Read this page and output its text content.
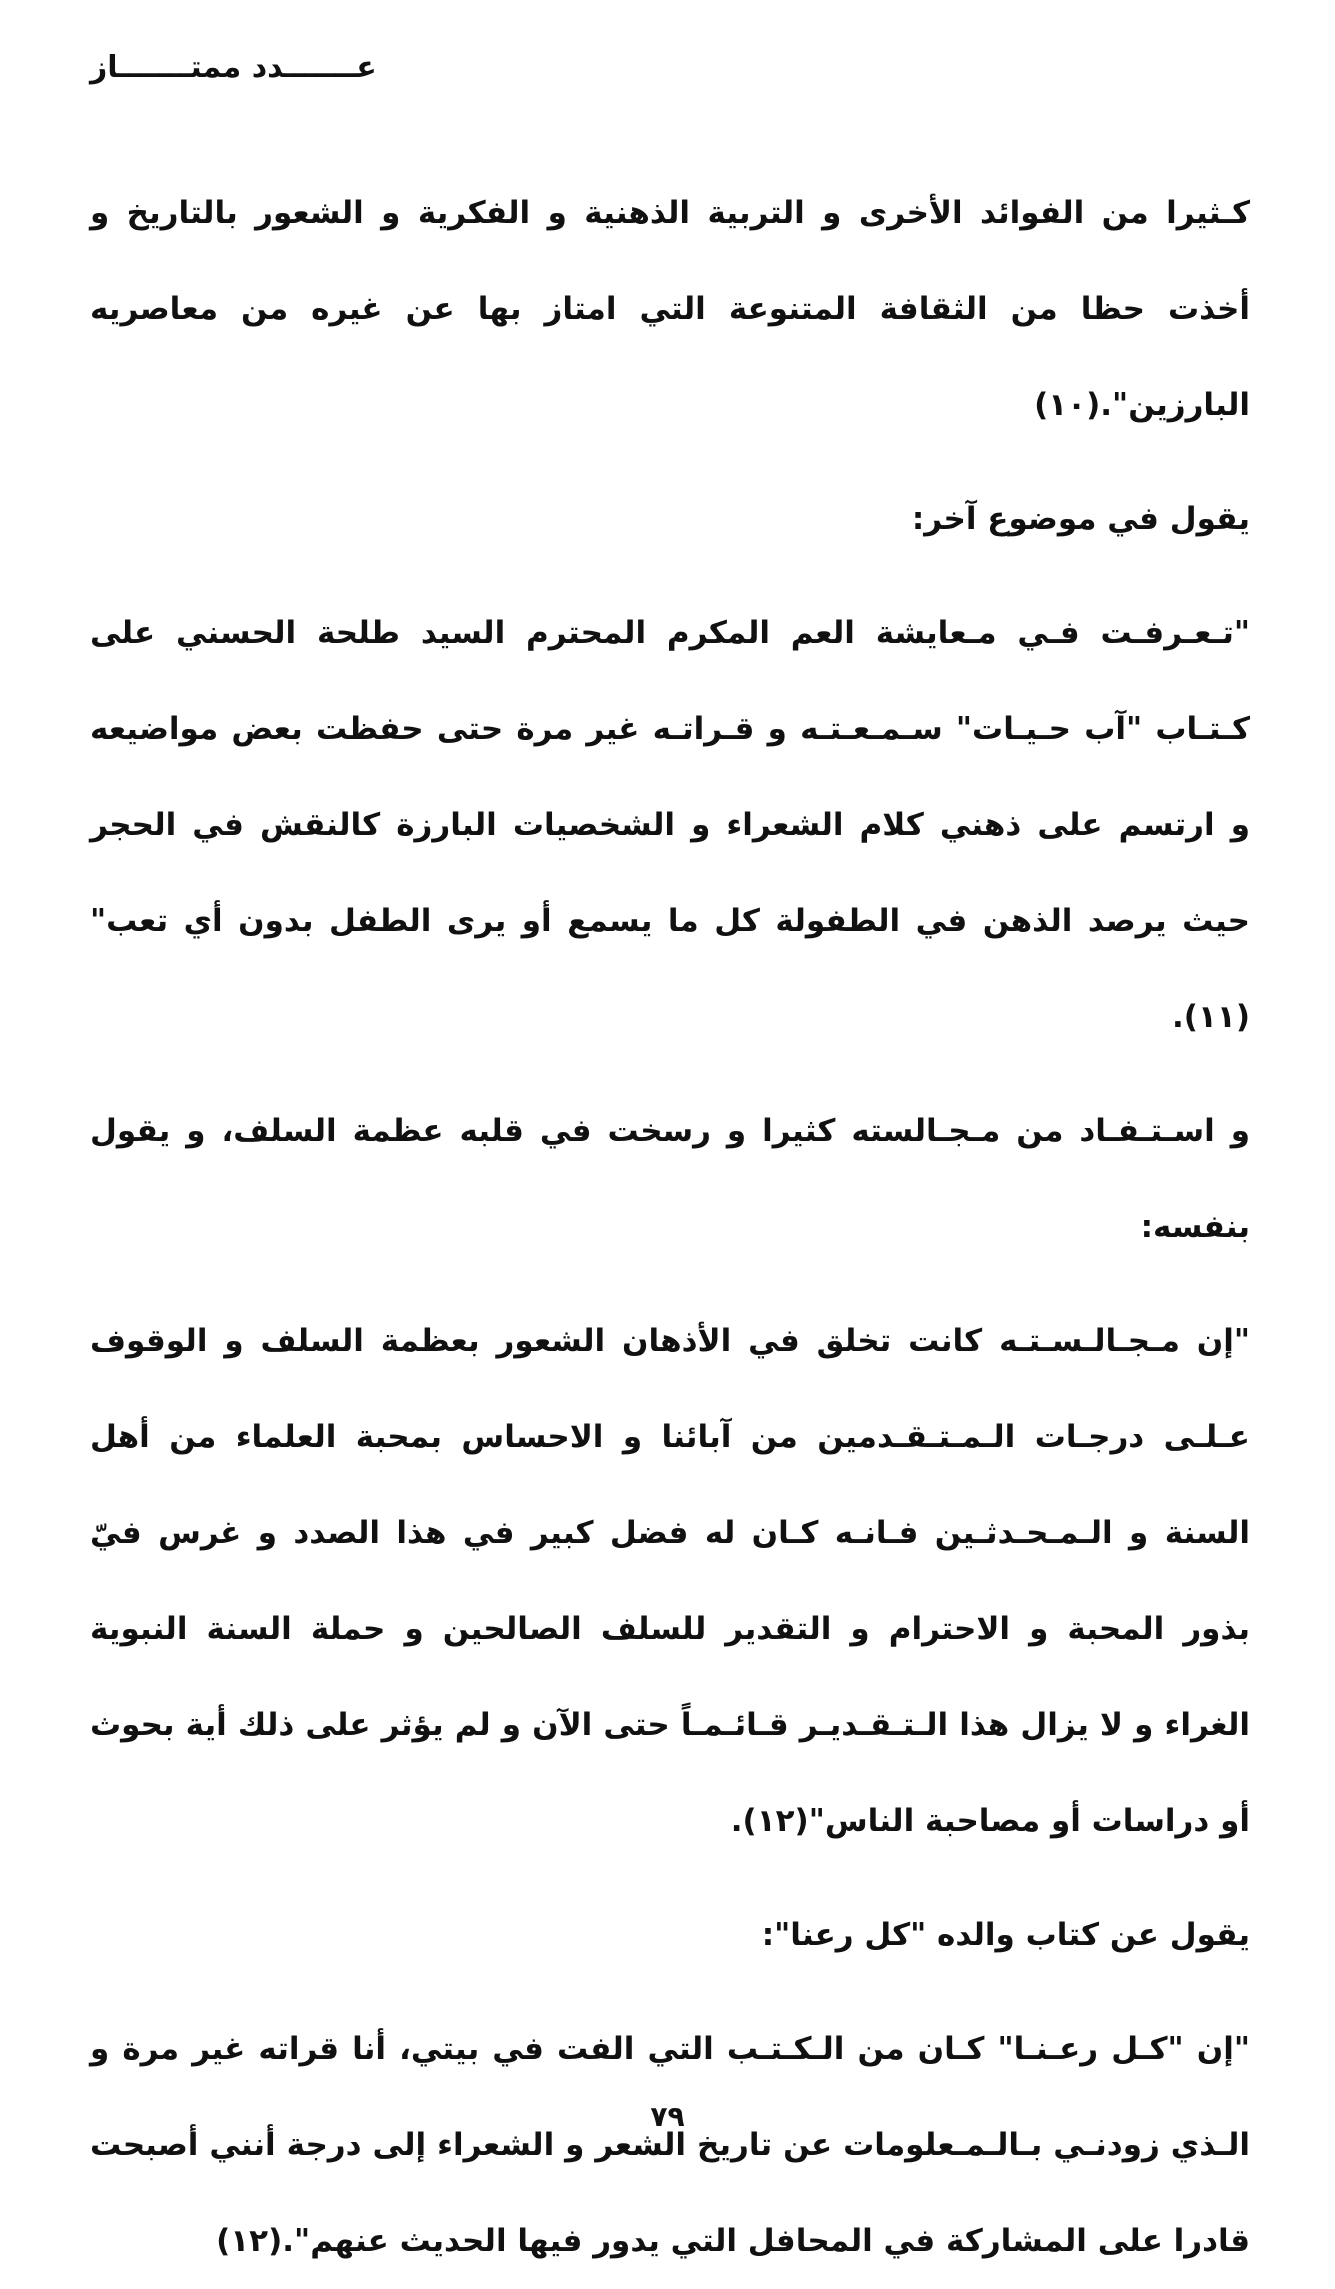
عـــــــدد ممتـــــــاز

كـثيرا من الفوائد الأخرى و التربية الذهنية و الفكرية و الشعور بالتاريخ و أخذت حظا من الثقافة المتنوعة التي امتاز بها عن غيره من معاصريه البارزين".(١٠)

يقول في موضوع آخر:

"تـعـرفـت فـي مـعايشة العم المكرم المحترم السيد طلحة الحسني على كـتـاب "آب حـيـات" سـمـعـتـه و قـراتـه غير مرة حتى حفظت بعض مواضيعه و ارتسم على ذهني كلام الشعراء و الشخصيات البارزة كالنقش في الحجر حيث يرصد الذهن في الطفولة كل ما يسمع أو يرى الطفل بدون أي تعب"(١١).

و اسـتـفـاد من مـجـالسته كثيرا و رسخت في قلبه عظمة السلف، و يقول بنفسه:

"إن مـجـالـسـتـه كانت تخلق في الأذهان الشعور بعظمة السلف و الوقوف عـلـى درجـات الـمـتـقـدمين من آبائنا و الاحساس بمحبة العلماء من أهل السنة و الـمـحـدثـين فـانـه كـان له فضل كبير في هذا الصدد و غرس فيّ بذور المحبة و الاحترام و التقدير للسلف الصالحين و حملة السنة النبوية الغراء و لا يزال هذا الـتـقـديـر قـائـمـاً حتى الآن و لم يؤثر على ذلك أية بحوث أو دراسات أو مصاحبة الناس"(١٢).

يقول عن كتاب والده "كل رعنا":

"إن "كـل رعـنـا" كـان من الـكـتـب التي الفت في بيتي، أنا قراته غير مرة و الـذي زودنـي بـالـمـعلومات عن تاريخ الشعر و الشعراء إلى درجة أنني أصبحت قادرا على المشاركة في المحافل التي يدور فيها الحديث عنهم".(١٢)

٧٩
